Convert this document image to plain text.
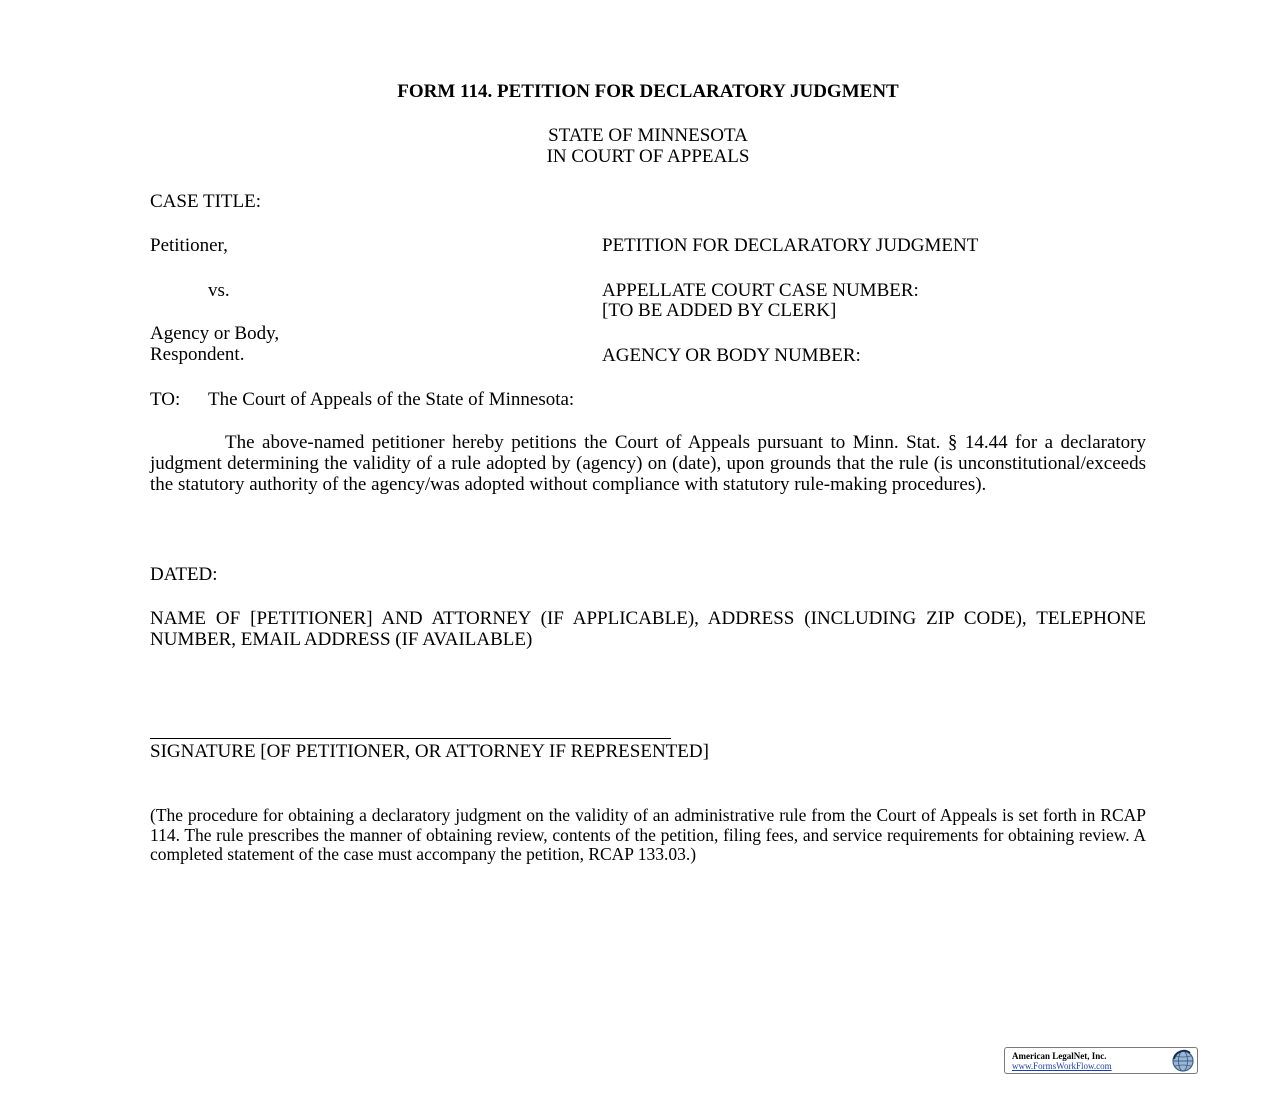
FORM 114. PETITION FOR DECLARATORY JUDGMENT
STATE OF MINNESOTA
IN COURT OF APPEALS
CASE TITLE:
Petitioner,	PETITION FOR DECLARATORY JUDGMENT
vs.	APPELLATE COURT CASE NUMBER:
[TO BE ADDED BY CLERK]
Agency or Body,
Respondent.	AGENCY OR BODY NUMBER:
TO: The Court of Appeals of the State of Minnesota:
The above-named petitioner hereby petitions the Court of Appeals pursuant to Minn. Stat. § 14.44 for a declaratory judgment determining the validity of a rule adopted by (agency) on (date), upon grounds that the rule (is unconstitutional/exceeds the statutory authority of the agency/was adopted without compliance with statutory rule-making procedures).
DATED:
NAME OF [PETITIONER] AND ATTORNEY (IF APPLICABLE), ADDRESS (INCLUDING ZIP CODE), TELEPHONE NUMBER, EMAIL ADDRESS (IF AVAILABLE)
SIGNATURE [OF PETITIONER, OR ATTORNEY IF REPRESENTED]
(The procedure for obtaining a declaratory judgment on the validity of an administrative rule from the Court of Appeals is set forth in RCAP 114. The rule prescribes the manner of obtaining review, contents of the petition, filing fees, and service requirements for obtaining review. A completed statement of the case must accompany the petition, RCAP 133.03.)
American LegalNet, Inc.
www.FormsWorkFlow.com
